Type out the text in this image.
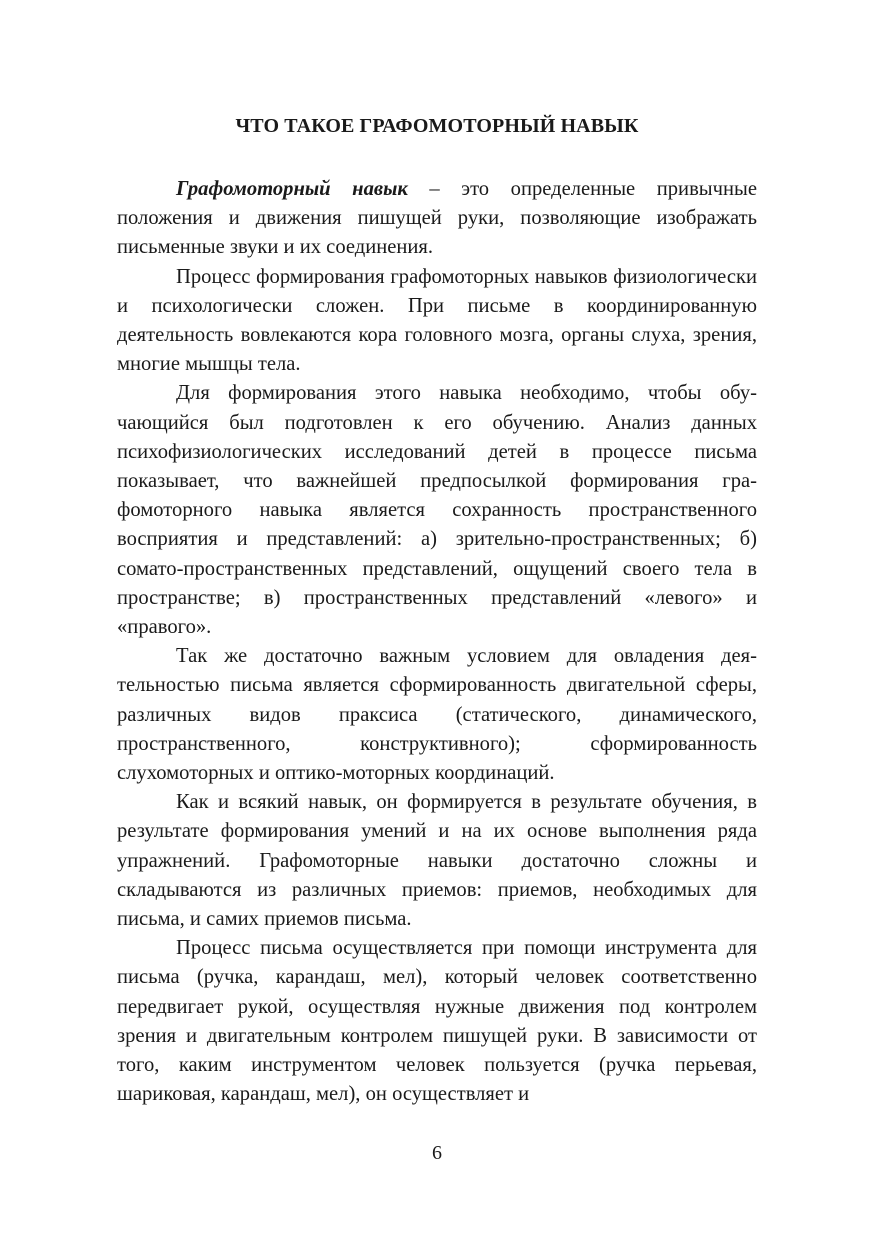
ЧТО ТАКОЕ ГРАФОМОТОРНЫЙ НАВЫК

Графомоторный навык – это определенные привычные положения и движения пишущей руки, позволяющие изображать письменные звуки и их соединения.

Процесс формирования графомоторных навыков физиологически и психологически сложен. При письме в координированную деятельность вовлекаются кора головного мозга, органы слуха, зрения, многие мышцы тела.

Для формирования этого навыка необходимо, чтобы обучающийся был подготовлен к его обучению. Анализ данных психофизиологических исследований детей в процессе письма показывает, что важнейшей предпосылкой формирования графомоторного навыка является сохранность пространственного восприятия и представлений: а) зрительно-пространственных; б) сомато-пространственных представлений, ощущений своего тела в пространстве; в) пространственных представлений «левого» и «правого».

Так же достаточно важным условием для овладения деятельностью письма является сформированность двигательной сферы, различных видов праксиса (статического, динамического, пространственного, конструктивного); сформированность слухомоторных и оптико-моторных координаций.

Как и всякий навык, он формируется в результате обучения, в результате формирования умений и на их основе выполнения ряда упражнений. Графомоторные навыки достаточно сложны и складываются из различных приемов: приемов, необходимых для письма, и самих приемов письма.

Процесс письма осуществляется при помощи инструмента для письма (ручка, карандаш, мел), который человек соответственно передвигает рукой, осуществляя нужные движения под контролем зрения и двигательным контролем пишущей руки. В зависимости от того, каким инструментом человек пользуется (ручка перьевая, шариковая, карандаш, мел), он осуществляет и

6
